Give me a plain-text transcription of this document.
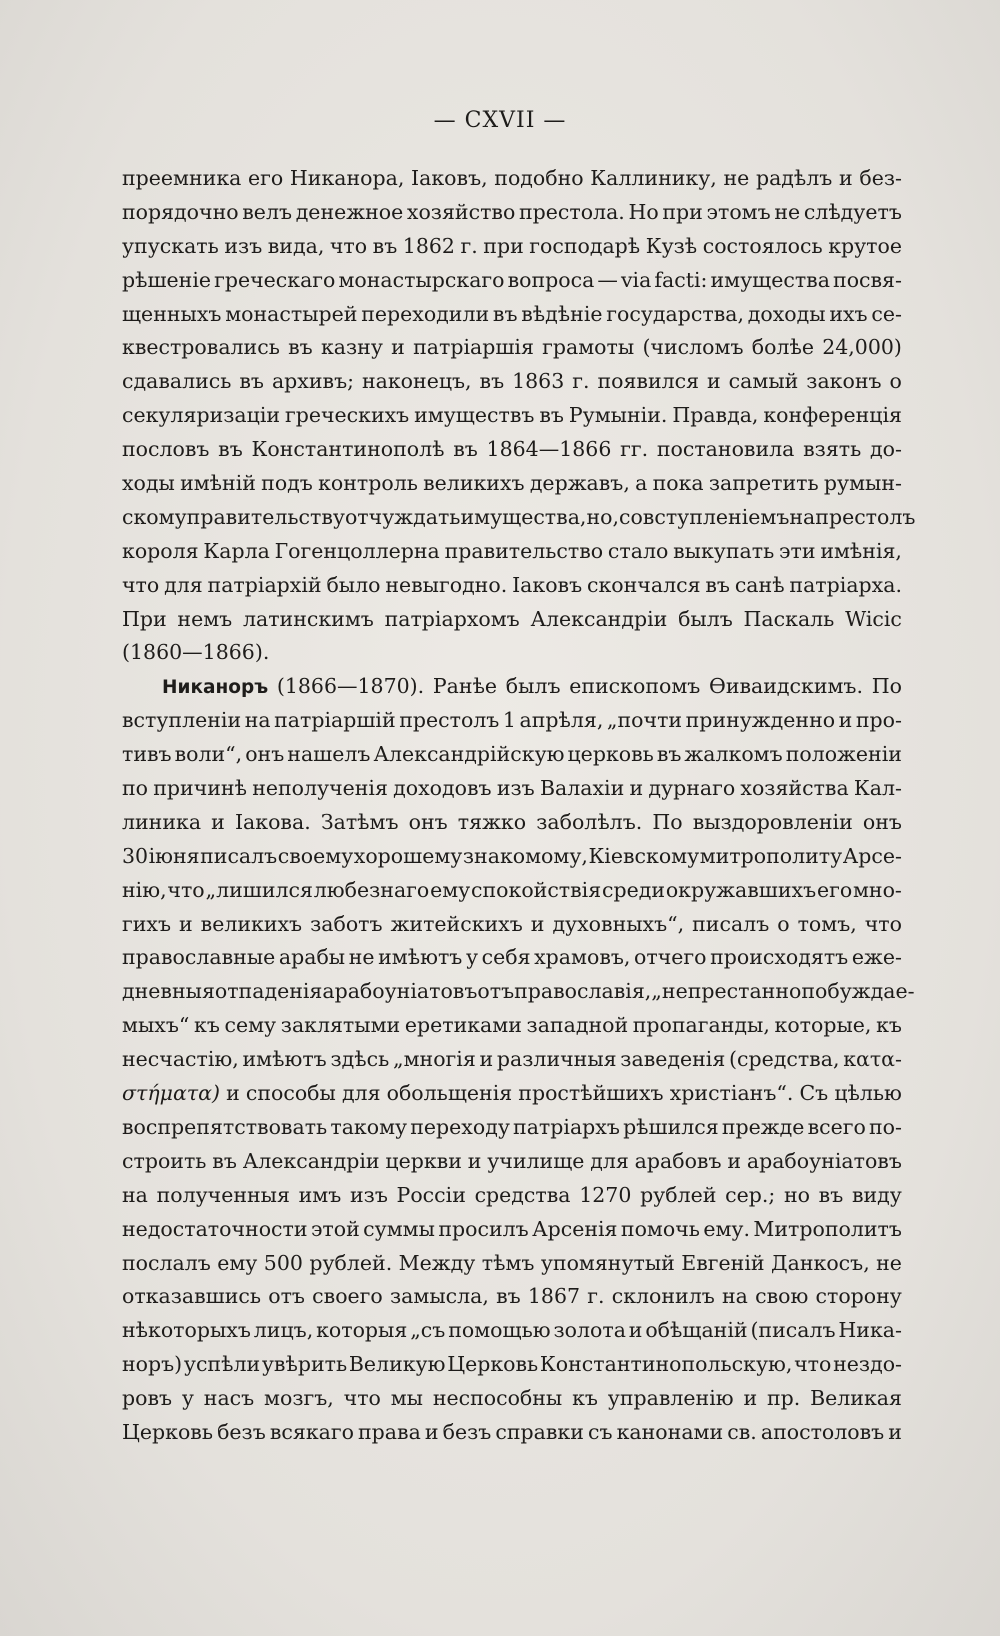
— CXVII —
преемника его Никанора, Іаковъ, подобно Каллинику, не радѣлъ и без-
порядочно велъ денежное хозяйство престола. Но при этомъ не слѣдуетъ
упускать изъ вида, что въ 1862 г. при господарѣ Кузѣ состоялось крутое
рѣшеніе греческаго монастырскаго вопроса — via facti: имущества посвя-
щенныхъ монастырей переходили въ вѣдѣніе государства, доходы ихъ се-
квестровались въ казну и патріаршія грамоты (числомъ болѣе 24,000)
сдавались въ архивъ; наконецъ, въ 1863 г. появился и самый законъ о
секуляризаціи греческихъ имуществъ въ Румыніи. Правда, конференція
пословъ въ Константинополѣ въ 1864—1866 гг. постановила взять до-
ходы имѣній подъ контроль великихъ державъ, а пока запретить румын-
скому правительству отчуждать имущества, но, со вступленіемъ на престолъ
короля Карла Гогенцоллерна правительство стало выкупать эти имѣнія,
что для патріархій было невыгодно. Іаковъ скончался въ санѣ патріарха.
При немъ латинскимъ патріархомъ Александріи былъ Паскаль Wicic
(1860—1866).
Никаноръ (1866—1870). Ранѣе былъ епископомъ Ѳиваидскимъ. По
вступленіи на патріаршій престолъ 1 апрѣля, „почти принужденно и про-
тивъ воли“, онъ нашелъ Александрійскую церковь въ жалкомъ положеніи
по причинѣ неполученія доходовъ изъ Валахіи и дурнаго хозяйства Кал-
линика и Іакова. Затѣмъ онъ тяжко заболѣлъ. По выздоровленіи онъ
30 іюня писалъ своему хорошему знакомому, Кіевскому митрополиту Арсе-
нію, что „лишился любезнаго ему спокойствія среди окружавшихъ его мно-
гихъ и великихъ заботъ житейскихъ и духовныхъ“, писалъ о томъ, что
православные арабы не имѣютъ у себя храмовъ, отчего происходятъ еже-
дневныя отпаденія арабоуніатовъ отъ православія, „непрестанно побуждае-
мыхъ“ къ сему заклятыми еретиками западной пропаганды, которые, къ
несчастію, имѣютъ здѣсь „многія и различныя заведенія (средства, κατα-
στήματα) и способы для обольщенія простѣйшихъ христіанъ“. Съ цѣлью
воспрепятствовать такому переходу патріархъ рѣшился прежде всего по-
строить въ Александріи церкви и училище для арабовъ и арабоуніатовъ
на полученныя имъ изъ Россіи средства 1270 рублей сер.; но въ виду
недостаточности этой суммы просилъ Арсенія помочь ему. Митрополитъ
послалъ ему 500 рублей. Между тѣмъ упомянутый Евгеній Данкосъ, не
отказавшись отъ своего замысла, въ 1867 г. склонилъ на свою сторону
нѣкоторыхъ лицъ, которыя „съ помощью золота и обѣщаній (писалъ Ника-
норъ) успѣли увѣрить Великую Церковь Константинопольскую, что нездо-
ровъ у насъ мозгъ, что мы неспособны къ управленію и пр. Великая
Церковь безъ всякаго права и безъ справки съ канонами св. апостоловъ и
